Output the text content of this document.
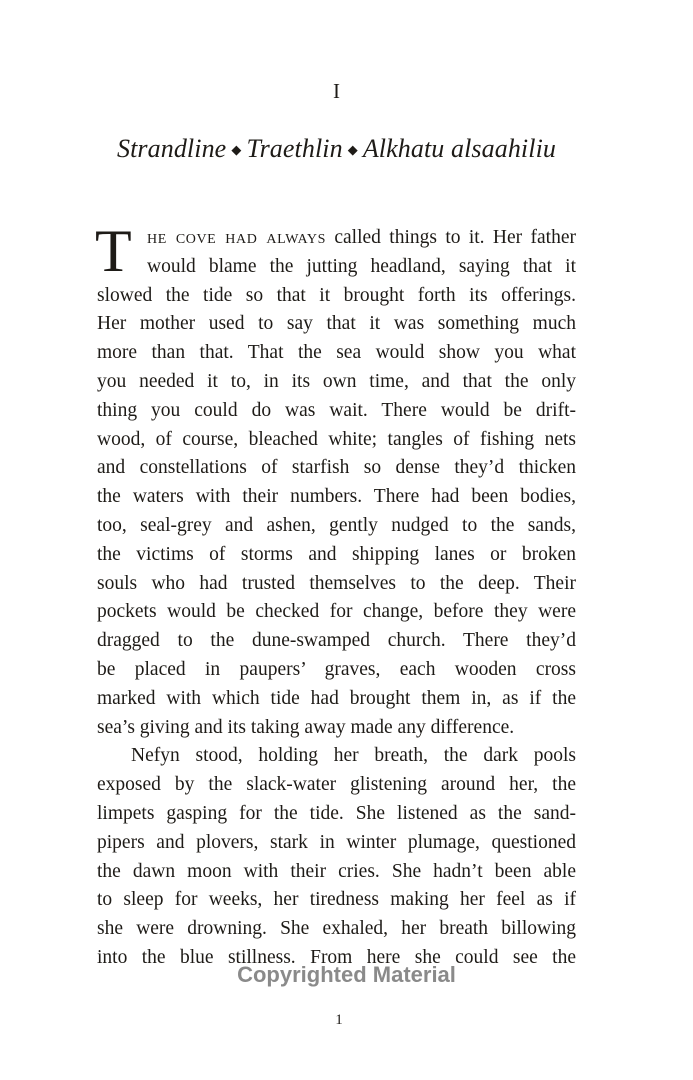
I
Strandline ◆ Traethlin ◆ Alkhatu alsaahiliu
T he cove had always called things to it. Her father
would blame the jutting headland, saying that it
slowed the tide so that it brought forth its offerings.
Her mother used to say that it was something much
more than that. That the sea would show you what
you needed it to, in its own time, and that the only
thing you could do was wait. There would be drift-
wood, of course, bleached white; tangles of fishing nets
and constellations of starfish so dense they’d thicken
the waters with their numbers. There had been bodies,
too, seal-grey and ashen, gently nudged to the sands,
the victims of storms and shipping lanes or broken
souls who had trusted themselves to the deep. Their
pockets would be checked for change, before they were
dragged to the dune-swamped church. There they’d
be placed in paupers’ graves, each wooden cross
marked with which tide had brought them in, as if the
sea’s giving and its taking away made any difference.
Nefyn stood, holding her breath, the dark pools
exposed by the slack-water glistening around her, the
limpets gasping for the tide. She listened as the sand-
pipers and plovers, stark in winter plumage, questioned
the dawn moon with their cries. She hadn’t been able
to sleep for weeks, her tiredness making her feel as if
she were drowning. She exhaled, her breath billowing
into the blue stillness. From here she could see the
Copyrighted Material
1
